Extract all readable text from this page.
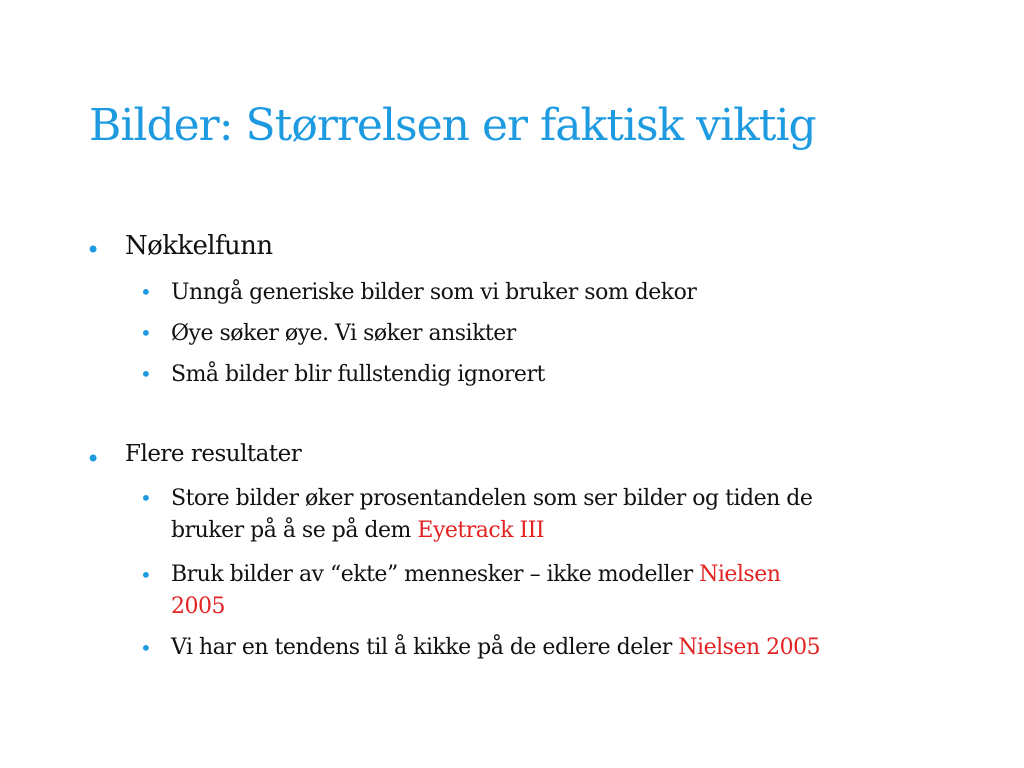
Bilder: Størrelsen er faktisk viktig
• Nøkkelfunn
• Unngå generiske bilder som vi bruker som dekor
• Øye søker øye. Vi søker ansikter
• Små bilder blir fullstendig ignorert
• Flere resultater
• Store bilder øker prosentandelen som ser bilder og tiden de
bruker på å se på dem Eyetrack III
• Bruk bilder av “ekte” mennesker – ikke modeller Nielsen
2005
• Vi har en tendens til å kikke på de edlere deler Nielsen 2005
